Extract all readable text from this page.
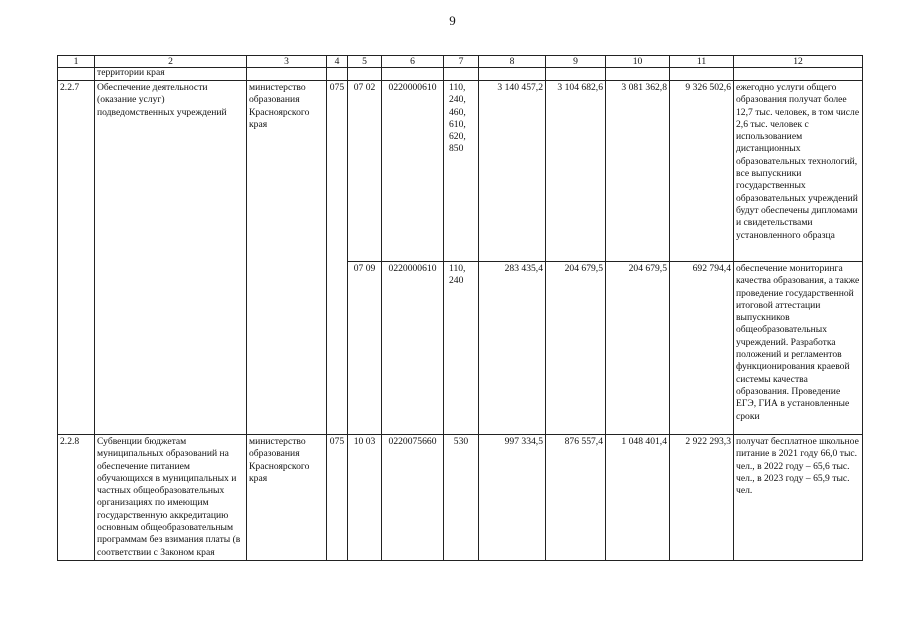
9
1	2	3	4	5	6	7	8	9	10	11	12
	территории края										
2.2.7	Обеспечение деятельности (оказание услуг) подведомственных учреждений	министерство образования Красноярского края	075	07 02	0220000610	110, 240, 460, 610, 620, 850	3 140 457,2	3 104 682,6	3 081 362,8	9 326 502,6	ежегодно услуги общего образования получат более 12,7 тыс. человек, в том числе 2,6 тыс. человек с использованием дистанционных образовательных технологий, все выпускники государственных образовательных учреждений будут обеспечены дипломами и свидетельствами установленного образца
				07 09	0220000610	110, 240	283 435,4	204 679,5	204 679,5	692 794,4	обеспечение мониторинга качества образования, а также проведение государственной итоговой аттестации выпускников общеобразовательных учреждений. Разработка положений и регламентов функционирования краевой системы качества образования. Проведение ЕГЭ, ГИА в установленные сроки
2.2.8	Субвенции бюджетам муниципальных образований на обеспечение питанием обучающихся в муниципальных и частных общеобразовательных организациях по имеющим государственную аккредитацию основным общеобразовательным программам без взимания платы (в соответствии с Законом края	министерство образования Красноярского края	075	10 03	0220075660	530	997 334,5	876 557,4	1 048 401,4	2 922 293,3	получат бесплатное школьное питание в 2021 году 66,0 тыс. чел., в 2022 году – 65,6 тыс. чел., в 2023 году – 65,9 тыс. чел.
